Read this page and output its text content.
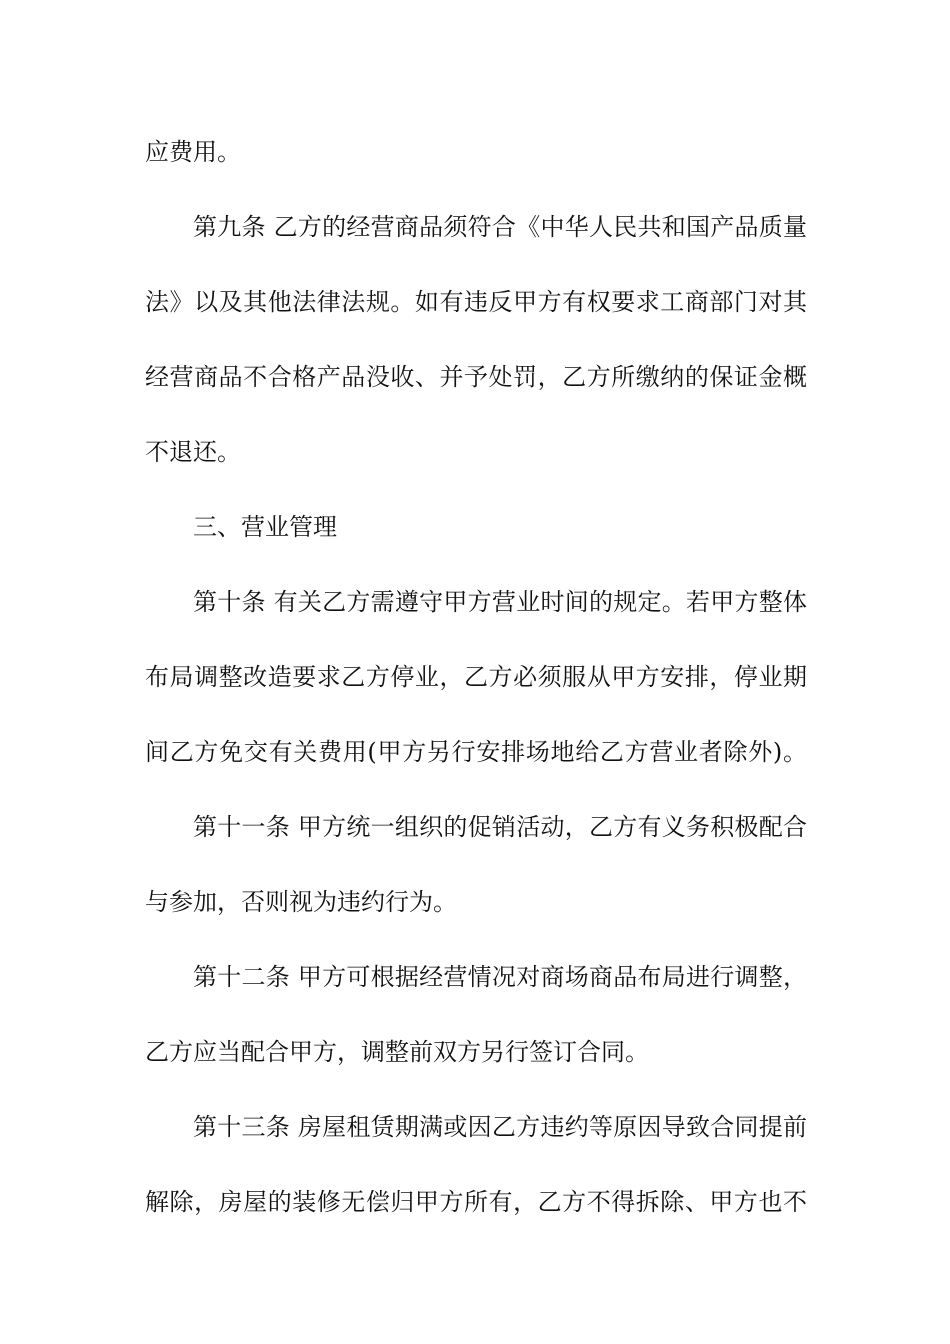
应费用。
第九条 乙方的经营商品须符合《中华人民共和国产品质量
法》以及其他法律法规。如有违反甲方有权要求工商部门对其
经营商品不合格产品没收、并予处罚，乙方所缴纳的保证金概
不退还。
三、营业管理
第十条 有关乙方需遵守甲方营业时间的规定。若甲方整体
布局调整改造要求乙方停业，乙方必须服从甲方安排，停业期
间乙方免交有关费用(甲方另行安排场地给乙方营业者除外)。
第十一条 甲方统一组织的促销活动，乙方有义务积极配合
与参加，否则视为违约行为。
第十二条 甲方可根据经营情况对商场商品布局进行调整，
乙方应当配合甲方，调整前双方另行签订合同。
第十三条 房屋租赁期满或因乙方违约等原因导致合同提前
解除，房屋的装修无偿归甲方所有，乙方不得拆除、甲方也不
